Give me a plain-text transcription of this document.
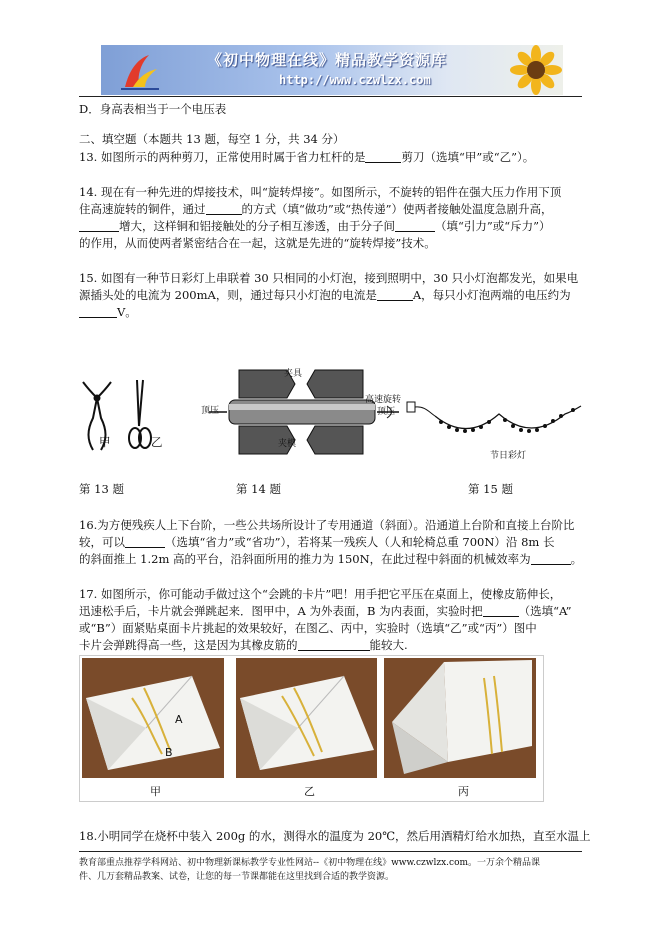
《初中物理在线》精品教学资源库
http://www.czwlzx.com
D．身高表相当于一个电压表
二、填空题（本题共 13 题，每空 1 分，共 34 分）
13. 如图所示的两种剪刀，正常使用时属于省力杠杆的是	剪刀（选填“甲”或“乙”）。
14. 现在有一种先进的焊接技术，叫“旋转焊接”。如图所示，不旋转的铝件在强大压力作用下顶
住高速旋转的铜件，通过	的方式（填“做功”或“热传递”）使两者接触处温度急剧升高，
增大，这样铜和铝接触处的分子相互渗透，由于分子间	（填“引力”或“斥力”）
的作用，从而使两者紧密结合在一起，这就是先进的“旋转焊接”技术。
15. 如图有一种节日彩灯上串联着 30 只相同的小灯泡，接到照明中，30 只小灯泡都发光，如果电
源插头处的电流为 200mA，则，通过每只小灯泡的电流是	A，每只小灯泡两端的电压约为
V。
甲	乙
夹具
顶压
高速旋转
顶压
夹模
节日彩灯
第 13 题	第 14 题	第 15 题
16.为方便残疾人上下台阶，一些公共场所设计了专用通道（斜面）。沿通道上台阶和直接上台阶比
较，可以	（选填“省力”或“省功”），若将某一残疾人（人和轮椅总重 700N）沿 8m 长
的斜面推上 1.2m 高的平台，沿斜面所用的推力为 150N，在此过程中斜面的机械效率为	。
17. 如图所示，你可能动手做过这个“会跳的卡片”吧！用手把它平压在桌面上，使橡皮筋伸长，
迅速松手后，卡片就会弹跳起来．图甲中，A 为外表面，B 为内表面，实验时把	（选填“A”
或“B”）面紧贴桌面卡片挑起的效果较好，在图乙、丙中，实验时（选填“乙”或“丙”）图中
卡片会弹跳得高一些，这是因为其橡皮筋的	能较大.
A
B
甲	乙	丙
18.小明同学在烧杯中装入 200g 的水，测得水的温度为 20℃，然后用酒精灯给水加热，直至水温上
教育部重点推荐学科网站、初中物理新课标教学专业性网站--《初中物理在线》www.czwlzx.com。一万余个精品课
件、几万套精品教案、试卷，让您的每一节课都能在这里找到合适的教学资源。
